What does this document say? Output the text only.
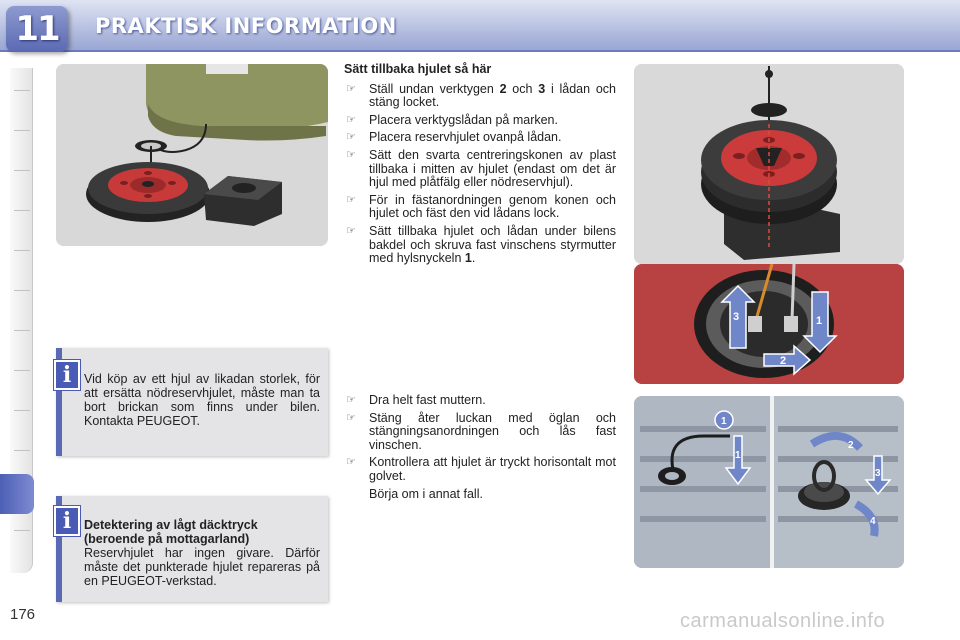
11	PRAKTISK INFORMATION
3	1
2
1
1
2
3
4
i	Vid köp av ett hjul av likadan storlek, för att ersätta nödreservhjulet, måste man ta bort brickan som finns under bilen. Kontakta PEUGEOT.
i	Detektering av lågt däcktryck (beroende på mottagarland)
Reservhjulet har ingen givare. Därför måste det punkterade hjulet repareras på en PEUGEOT-verkstad.
Sätt tillbaka hjulet så här
☞ Ställ undan verktygen 2 och 3 i lådan och stäng locket.
☞ Placera verktygslådan på marken.
☞ Placera reservhjulet ovanpå lådan.
☞ Sätt den svarta centreringskonen av plast tillbaka i mitten av hjulet (endast om det är hjul med plåtfälg eller nödreservhjul).
☞ För in fästanordningen genom konen och hjulet och fäst den vid lådans lock.
☞ Sätt tillbaka hjulet och lådan under bilens bakdel och skruva fast vinschens styrmutter med hylsnyckeln 1.
☞ Dra helt fast muttern.
☞ Stäng åter luckan med öglan och stängningsanordningen och lås fast vinschen.
☞ Kontrollera att hjulet är tryckt horisontalt mot golvet.
Börja om i annat fall.
176	carmanualsonline.info
